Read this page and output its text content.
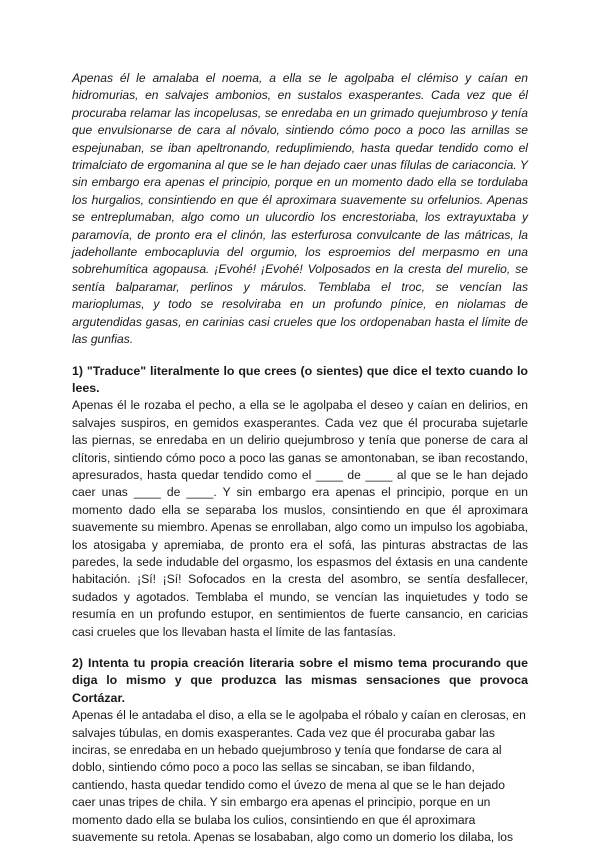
Apenas él le amalaba el noema, a ella se le agolpaba el clémiso y caían en hidromurias, en salvajes ambonios, en sustalos exasperantes. Cada vez que él procuraba relamar las incopelusas, se enredaba en un grimado quejumbroso y tenía que envulsionarse de cara al nóvalo, sintiendo cómo poco a poco las arnillas se espejunaban, se iban apeltronando, reduplimiendo, hasta quedar tendido como el trimalciato de ergomanina al que se le han dejado caer unas fílulas de cariaconcia. Y sin embargo era apenas el principio, porque en un momento dado ella se tordulaba los hurgalios, consintiendo en que él aproximara suavemente su orfelunios. Apenas se entreplumaban, algo como un ulucordio los encrestoriaba, los extrayuxtaba y paramovía, de pronto era el clinón, las esterfurosa convulcante de las mátricas, la jadehollante embocapluvia del orgumio, los esproemios del merpasmo en una sobrehumítica agopausa. ¡Evohé! ¡Evohé! Volposados en la cresta del murelio, se sentía balparamar, perlinos y márulos. Temblaba el troc, se vencían las marioplumas, y todo se resolviraba en un profundo pínice, en niolamas de argutendidas gasas, en carinias casi crueles que los ordopenaban hasta el límite de las gunfias.

1) "Traduce" literalmente lo que crees (o sientes) que dice el texto cuando lo lees.

Apenas él le rozaba el pecho, a ella se le agolpaba el deseo y caían en delirios, en salvajes suspiros, en gemidos exasperantes. Cada vez que él procuraba sujetarle las piernas, se enredaba en un delirio quejumbroso y tenía que ponerse de cara al clítoris, sintiendo cómo poco a poco las ganas se amontonaban, se iban recostando, apresurados, hasta quedar tendido como el ____ de ____ al que se le han dejado caer unas ____ de ____. Y sin embargo era apenas el principio, porque en un momento dado ella se separaba los muslos, consintiendo en que él aproximara suavemente su miembro. Apenas se enrollaban, algo como un impulso los agobiaba, los atosigaba y apremiaba, de pronto era el sofá, las pinturas abstractas de las paredes, la sede indudable del orgasmo, los espasmos del éxtasis en una candente habitación. ¡Sí! ¡Sí! Sofocados en la cresta del asombro, se sentía desfallecer, sudados y agotados. Temblaba el mundo, se vencían las inquietudes y todo se resumía en un profundo estupor, en sentimientos de fuerte cansancio, en caricias casi crueles que los llevaban hasta el límite de las fantasías.

2) Intenta tu propia creación literaria sobre el mismo tema procurando que diga lo mismo y que produzca las mismas sensaciones que provoca Cortázar.

Apenas él le antadaba el diso, a ella se le agolpaba el róbalo y caían en clerosas, en salvajes túbulas, en domis exasperantes. Cada vez que él procuraba gabar las inciras, se enredaba en un hebado quejumbroso y tenía que fondarse de cara al doblo, sintiendo cómo poco a poco las sellas se sincaban, se iban fildando, cantiendo, hasta quedar tendido como el úvezo de mena al que se le han dejado caer unas tripes de chila. Y sin embargo era apenas el principio, porque en un momento dado ella se bulaba los culios, consintiendo en que él aproximara suavemente su retola. Apenas se losababan, algo como un domerio los dilaba, los
